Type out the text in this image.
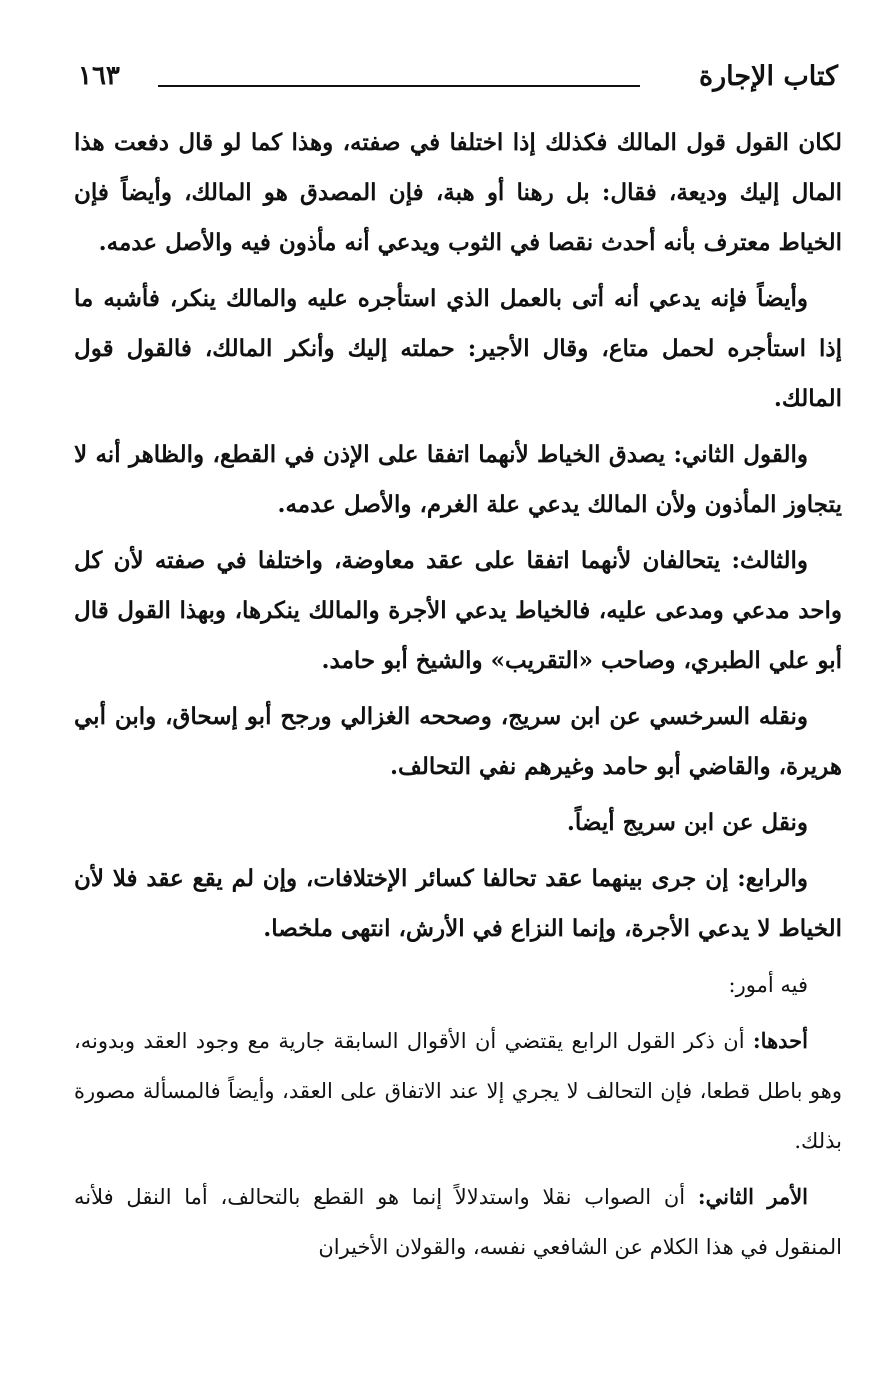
كتاب الإجارة
١٦٣

لكان القول قول المالك فكذلك إذا اختلفا في صفته، وهذا كما لو قال دفعت هذا المال إليك وديعة، فقال: بل رهنا أو هبة، فإن المصدق هو المالك، وأيضاً فإن الخياط معترف بأنه أحدث نقصا في الثوب ويدعي أنه مأذون فيه والأصل عدمه.

وأيضاً فإنه يدعي أنه أتى بالعمل الذي استأجره عليه والمالك ينكر، فأشبه ما إذا استأجره لحمل متاع، وقال الأجير: حملته إليك وأنكر المالك، فالقول قول المالك.

والقول الثاني: يصدق الخياط لأنهما اتفقا على الإذن في القطع، والظاهر أنه لا يتجاوز المأذون ولأن المالك يدعي علة الغرم، والأصل عدمه.

والثالث: يتحالفان لأنهما اتفقا على عقد معاوضة، واختلفا في صفته لأن كل واحد مدعي ومدعى عليه، فالخياط يدعي الأجرة والمالك ينكرها، وبهذا القول قال أبو علي الطبري، وصاحب «التقريب» والشيخ أبو حامد.

ونقله السرخسي عن ابن سريج، وصححه الغزالي ورجح أبو إسحاق، وابن أبي هريرة، والقاضي أبو حامد وغيرهم نفي التحالف.

ونقل عن ابن سريج أيضاً.

والرابع: إن جرى بينهما عقد تحالفا كسائر الإختلافات، وإن لم يقع عقد فلا لأن الخياط لا يدعي الأجرة، وإنما النزاع في الأرش، انتهى ملخصا.

فيه أمور:

أحدها: أن ذكر القول الرابع يقتضي أن الأقوال السابقة جارية مع وجود العقد وبدونه، وهو باطل قطعا، فإن التحالف لا يجري إلا عند الاتفاق على العقد، وأيضاً فالمسألة مصورة بذلك.

الأمر الثاني: أن الصواب نقلا واستدلالاً إنما هو القطع بالتحالف، أما النقل فلأنه المنقول في هذا الكلام عن الشافعي نفسه، والقولان الأخيران
